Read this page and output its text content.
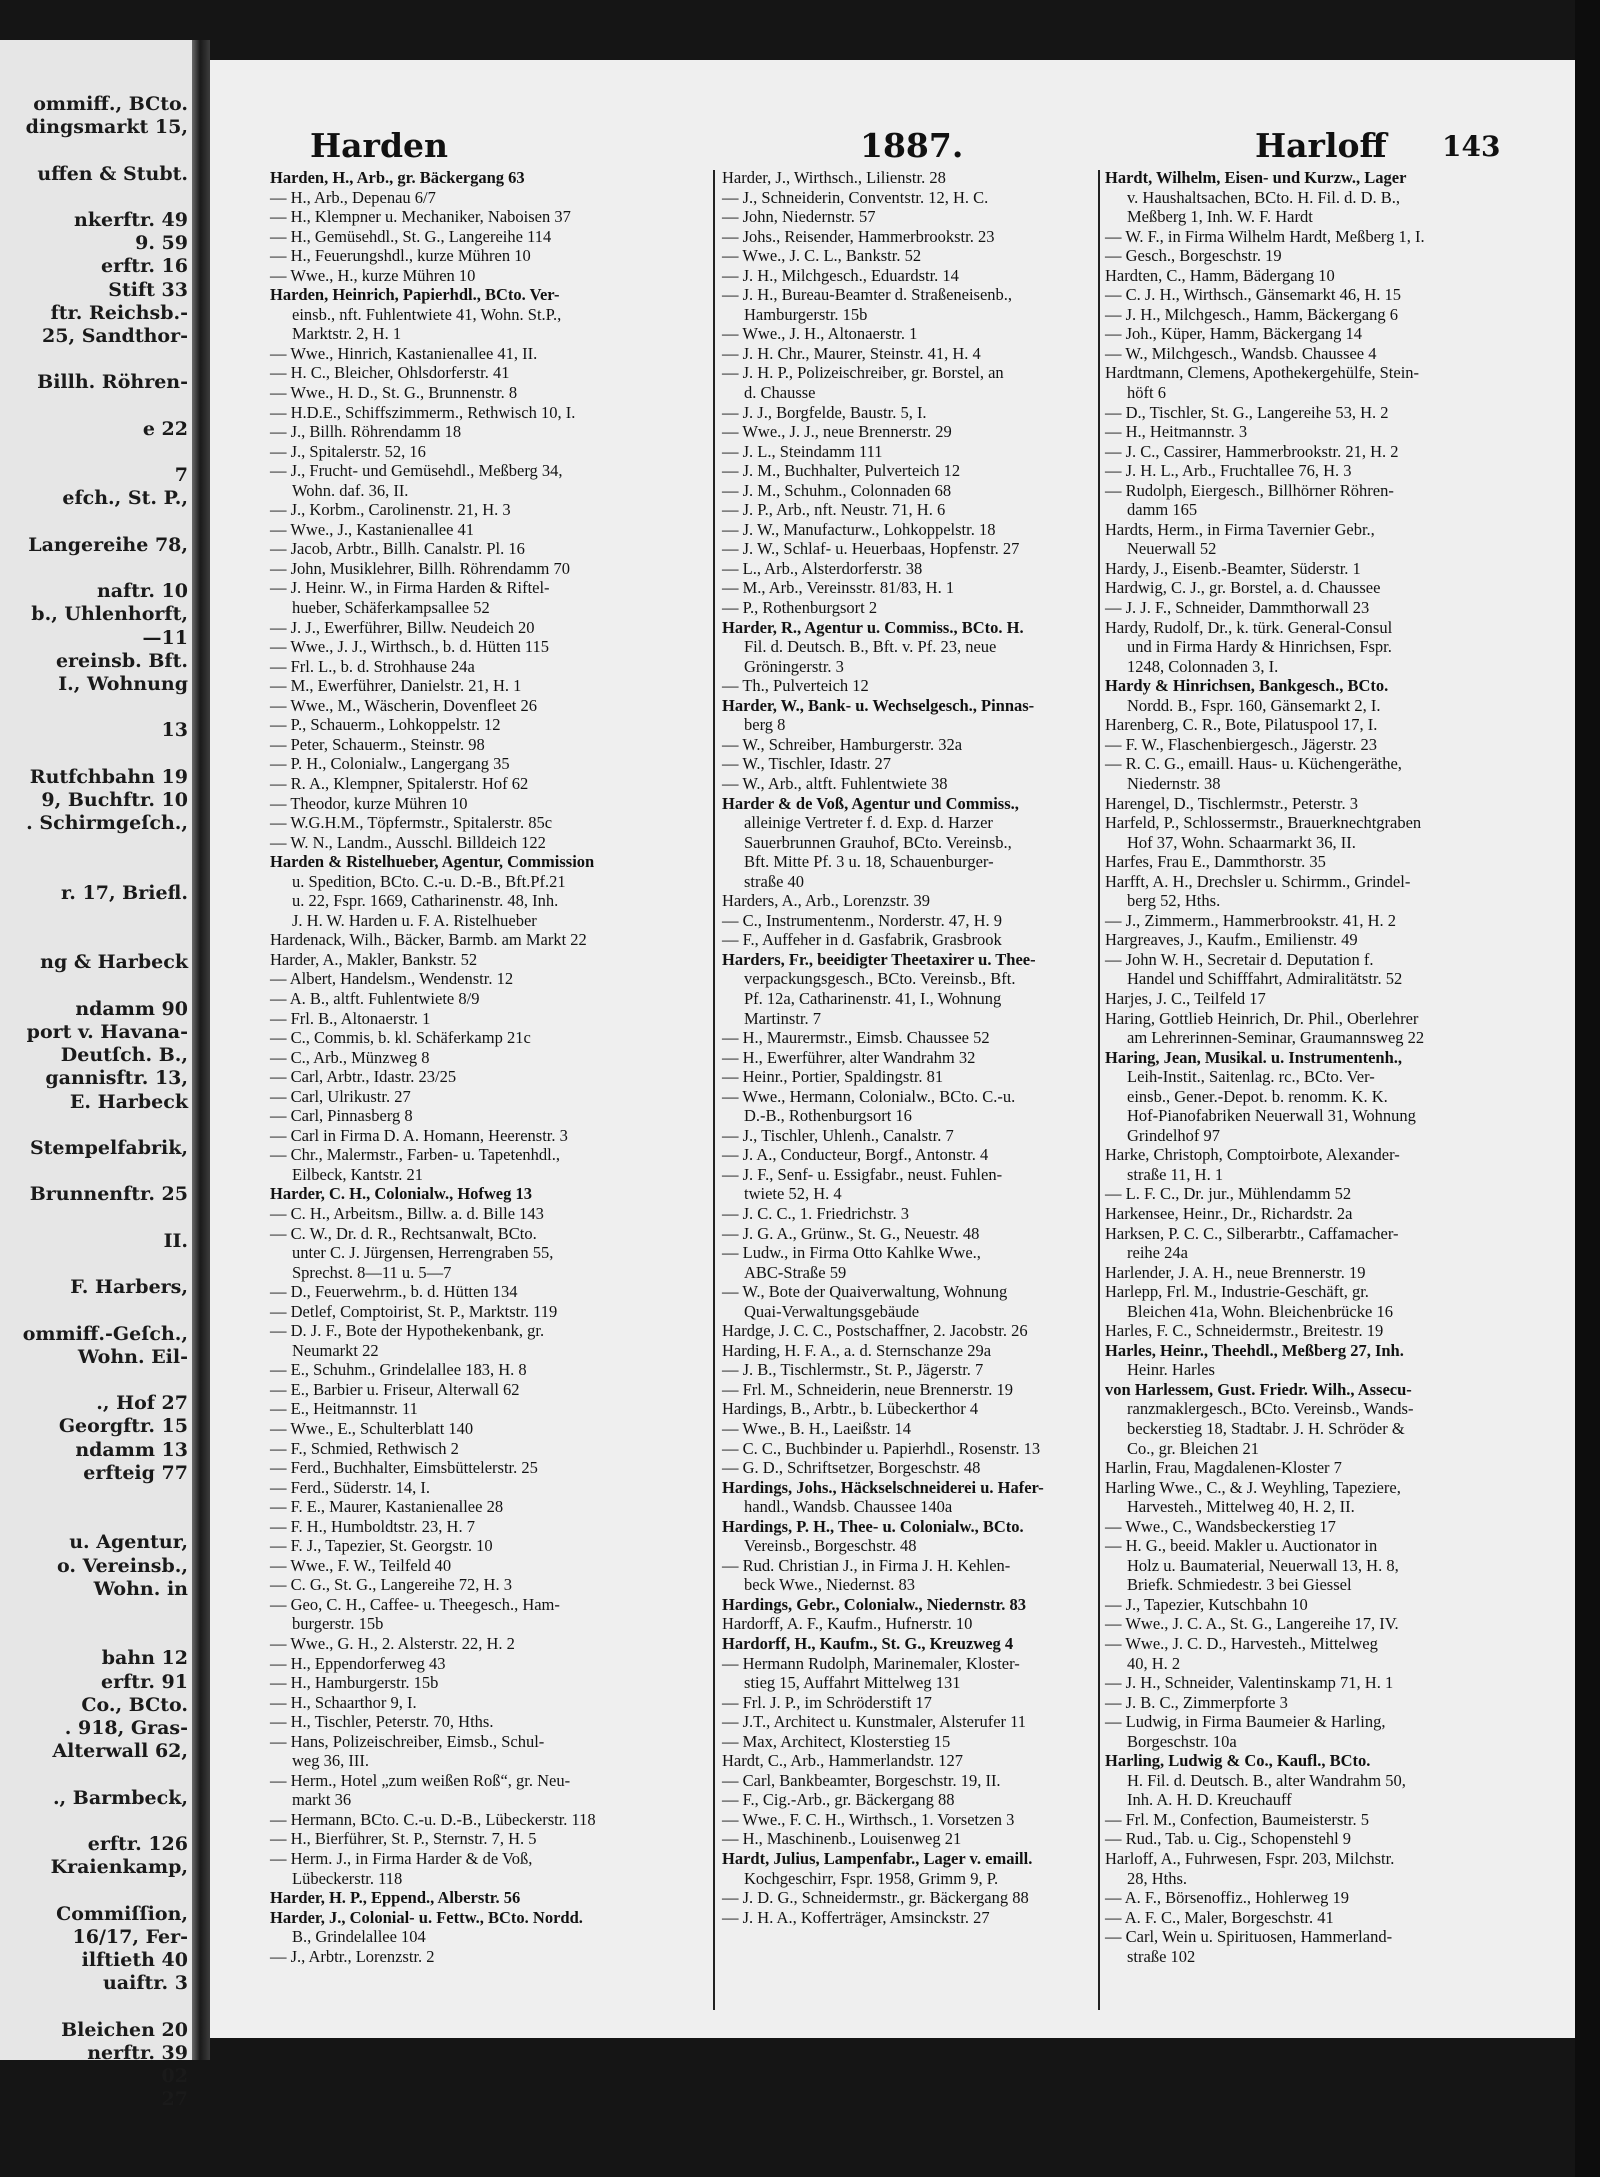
ommiff., BCto.
dingsmarkt 15,
uffen & Stubt.
nkerftr. 49
9. 59
erftr. 16
Stift 33
ftr. Reichsb.-
25, Sandthor-
Billh. Röhren-
e 22
7
efch., St. P.,
Langereihe 78,
naftr. 10
b., Uhlenhorft,
—11
ereinsb. Bft.
I., Wohnung
13
Rutfchbahn 19
9, Buchftr. 10
. Schirmgeſch.,
r. 17, Briefl.
ng & Harbeck
ndamm 90
port v. Havana-
Deutſch. B.,
gannisftr. 13,
E. Harbeck
Stempelfabrik,
Brunnenftr. 25
II.
F. Harbers,
ommiff.-Geſch.,
Wohn. Eil-
., Hof 27
Georgftr. 15
ndamm 13
erfteig 77
u. Agentur,
o. Vereinsb.,
Wohn. in
bahn 12
erftr. 91
Co., BCto.
. 918, Gras-
Alterwall 62,
., Barmbeck,
erftr. 126
Kraienkamp,
Commiſſion,
16/17, Fer-
ilftieth 40
uaiftr. 3
Bleichen 20
nerftr. 39
02
27
Harden	1887.	Harloff 143
Harden, H., Arb., gr. Bäckergang 63
— H., Arb., Depenau 6/7
— H., Klempner u. Mechaniker, Naboisen 37
— H., Gemüsehdl., St. G., Langereihe 114
— H., Feuerungshdl., kurze Mühren 10
— Wwe., H., kurze Mühren 10
Harden, Heinrich, Papierhdl., BCto. Ver-
einsb., nft. Fuhlentwiete 41, Wohn. St.P.,
Marktstr. 2, H. 1
— Wwe., Hinrich, Kastanienallee 41, II.
— H. C., Bleicher, Ohlsdorferstr. 41
— Wwe., H. D., St. G., Brunnenstr. 8
— H.D.E., Schiffszimmerm., Rethwisch 10, I.
— J., Billh. Röhrendamm 18
— J., Spitalerstr. 52, 16
— J., Frucht- und Gemüsehdl., Meßberg 34,
Wohn. daf. 36, II.
— J., Korbm., Carolinenstr. 21, H. 3
— Wwe., J., Kastanienallee 41
— Jacob, Arbtr., Billh. Canalstr. Pl. 16
— John, Musiklehrer, Billh. Röhrendamm 70
— J. Heinr. W., in Firma Harden & Riftel-
hueber, Schäferkampsallee 52
— J. J., Ewerführer, Billw. Neudeich 20
— Wwe., J. J., Wirthsch., b. d. Hütten 115
— Frl. L., b. d. Strohhause 24a
— M., Ewerführer, Danielstr. 21, H. 1
— Wwe., M., Wäscherin, Dovenfleet 26
— P., Schauerm., Lohkoppelstr. 12
— Peter, Schauerm., Steinstr. 98
— P. H., Colonialw., Langergang 35
— R. A., Klempner, Spitalerstr. Hof 62
— Theodor, kurze Mühren 10
— W.G.H.M., Töpfermstr., Spitalerstr. 85c
— W. N., Landm., Ausschl. Billdeich 122
Harden & Ristelhueber, Agentur, Commission
u. Spedition, BCto. C.-u. D.-B., Bft.Pf.21
u. 22, Fspr. 1669, Catharinenstr. 48, Inh.
J. H. W. Harden u. F. A. Ristelhueber
Hardenack, Wilh., Bäcker, Barmb. am Markt 22
Harder, A., Makler, Bankstr. 52
— Albert, Handelsm., Wendenstr. 12
— A. B., altft. Fuhlentwiete 8/9
— Frl. B., Altonaerstr. 1
— C., Commis, b. kl. Schäferkamp 21c
— C., Arb., Münzweg 8
— Carl, Arbtr., Idastr. 23/25
— Carl, Ulrikustr. 27
— Carl, Pinnasberg 8
— Carl in Firma D. A. Homann, Heerenstr. 3
— Chr., Malermstr., Farben- u. Tapetenhdl.,
Eilbeck, Kantstr. 21
Harder, C. H., Colonialw., Hofweg 13
— C. H., Arbeitsm., Billw. a. d. Bille 143
— C. W., Dr. d. R., Rechtsanwalt, BCto.
unter C. J. Jürgensen, Herrengraben 55,
Sprechst. 8—11 u. 5—7
— D., Feuerwehrm., b. d. Hütten 134
— Detlef, Comptoirist, St. P., Marktstr. 119
— D. J. F., Bote der Hypothekenbank, gr.
Neumarkt 22
— E., Schuhm., Grindelallee 183, H. 8
— E., Barbier u. Friseur, Alterwall 62
— E., Heitmannstr. 11
— Wwe., E., Schulterblatt 140
— F., Schmied, Rethwisch 2
— Ferd., Buchhalter, Eimsbüttelerstr. 25
— Ferd., Süderstr. 14, I.
— F. E., Maurer, Kastanienallee 28
— F. H., Humboldtstr. 23, H. 7
— F. J., Tapezier, St. Georgstr. 10
— Wwe., F. W., Teilfeld 40
— C. G., St. G., Langereihe 72, H. 3
— Geo, C. H., Caffee- u. Theegesch., Ham-
burgerstr. 15b
— Wwe., G. H., 2. Alsterstr. 22, H. 2
— H., Eppendorferweg 43
— H., Hamburgerstr. 15b
— H., Schaarthor 9, I.
— H., Tischler, Peterstr. 70, Hths.
— Hans, Polizeischreiber, Eimsb., Schul-
weg 36, III.
— Herm., Hotel „zum weißen Roß“, gr. Neu-
markt 36
— Hermann, BCto. C.-u. D.-B., Lübeckerstr. 118
— H., Bierführer, St. P., Sternstr. 7, H. 5
— Herm. J., in Firma Harder & de Voß,
Lübeckerstr. 118
Harder, H. P., Eppend., Alberstr. 56
Harder, J., Colonial- u. Fettw., BCto. Nordd.
B., Grindelallee 104
— J., Arbtr., Lorenzstr. 2
Harder, J., Wirthsch., Lilienstr. 28
— J., Schneiderin, Conventstr. 12, H. C.
— John, Niedernstr. 57
— Johs., Reisender, Hammerbrookstr. 23
— Wwe., J. C. L., Bankstr. 52
— J. H., Milchgesch., Eduardstr. 14
— J. H., Bureau-Beamter d. Straßeneisenb.,
Hamburgerstr. 15b
— Wwe., J. H., Altonaerstr. 1
— J. H. Chr., Maurer, Steinstr. 41, H. 4
— J. H. P., Polizeischreiber, gr. Borstel, an
d. Chausse
— J. J., Borgfelde, Baustr. 5, I.
— Wwe., J. J., neue Brennerstr. 29
— J. L., Steindamm 111
— J. M., Buchhalter, Pulverteich 12
— J. M., Schuhm., Colonnaden 68
— J. P., Arb., nft. Neustr. 71, H. 6
— J. W., Manufacturw., Lohkoppelstr. 18
— J. W., Schlaf- u. Heuerbaas, Hopfenstr. 27
— L., Arb., Alsterdorferstr. 38
— M., Arb., Vereinsstr. 81/83, H. 1
— P., Rothenburgsort 2
Harder, R., Agentur u. Commiss., BCto. H.
Fil. d. Deutsch. B., Bft. v. Pf. 23, neue
Gröningerstr. 3
— Th., Pulverteich 12
Harder, W., Bank- u. Wechselgesch., Pinnas-
berg 8
— W., Schreiber, Hamburgerstr. 32a
— W., Tischler, Idastr. 27
— W., Arb., altft. Fuhlentwiete 38
Harder & de Voß, Agentur und Commiss.,
alleinige Vertreter f. d. Exp. d. Harzer
Sauerbrunnen Grauhof, BCto. Vereinsb.,
Bft. Mitte Pf. 3 u. 18, Schauenburger-
straße 40
Harders, A., Arb., Lorenzstr. 39
— C., Instrumentenm., Norderstr. 47, H. 9
— F., Auffeher in d. Gasfabrik, Grasbrook
Harders, Fr., beeidigter Theetaxirer u. Thee-
verpackungsgesch., BCto. Vereinsb., Bft.
Pf. 12a, Catharinenstr. 41, I., Wohnung
Martinstr. 7
— H., Maurermstr., Eimsb. Chaussee 52
— H., Ewerführer, alter Wandrahm 32
— Heinr., Portier, Spaldingstr. 81
— Wwe., Hermann, Colonialw., BCto. C.-u.
D.-B., Rothenburgsort 16
— J., Tischler, Uhlenh., Canalstr. 7
— J. A., Conducteur, Borgf., Antonstr. 4
— J. F., Senf- u. Essigfabr., neust. Fuhlen-
twiete 52, H. 4
— J. C. C., 1. Friedrichstr. 3
— J. G. A., Grünw., St. G., Neuestr. 48
— Ludw., in Firma Otto Kahlke Wwe.,
ABC-Straße 59
— W., Bote der Quaiverwaltung, Wohnung
Quai-Verwaltungsgebäude
Hardge, J. C. C., Postschaffner, 2. Jacobstr. 26
Harding, H. F. A., a. d. Sternschanze 29a
— J. B., Tischlermstr., St. P., Jägerstr. 7
— Frl. M., Schneiderin, neue Brennerstr. 19
Hardings, B., Arbtr., b. Lübeckerthor 4
— Wwe., B. H., Laeißstr. 14
— C. C., Buchbinder u. Papierhdl., Rosenstr. 13
— G. D., Schriftsetzer, Borgeschstr. 48
Hardings, Johs., Häckselschneiderei u. Hafer-
handl., Wandsb. Chaussee 140a
Hardings, P. H., Thee- u. Colonialw., BCto.
Vereinsb., Borgeschstr. 48
— Rud. Christian J., in Firma J. H. Kehlen-
beck Wwe., Niedernst. 83
Hardings, Gebr., Colonialw., Niedernstr. 83
Hardorff, A. F., Kaufm., Hufnerstr. 10
Hardorff, H., Kaufm., St. G., Kreuzweg 4
— Hermann Rudolph, Marinemaler, Kloster-
stieg 15, Auffahrt Mittelweg 131
— Frl. J. P., im Schröderstift 17
— J.T., Architect u. Kunstmaler, Alsterufer 11
— Max, Architect, Klosterstieg 15
Hardt, C., Arb., Hammerlandstr. 127
— Carl, Bankbeamter, Borgeschstr. 19, II.
— F., Cig.-Arb., gr. Bäckergang 88
— Wwe., F. C. H., Wirthsch., 1. Vorsetzen 3
— H., Maschinenb., Louisenweg 21
Hardt, Julius, Lampenfabr., Lager v. emaill.
Kochgeschirr, Fspr. 1958, Grimm 9, P.
— J. D. G., Schneidermstr., gr. Bäckergang 88
— J. H. A., Kofferträger, Amsinckstr. 27
Hardt, Wilhelm, Eisen- und Kurzw., Lager
v. Haushaltsachen, BCto. H. Fil. d. D. B.,
Meßberg 1, Inh. W. F. Hardt
— W. F., in Firma Wilhelm Hardt, Meßberg 1, I.
— Gesch., Borgeschstr. 19
Hardten, C., Hamm, Bädergang 10
— C. J. H., Wirthsch., Gänsemarkt 46, H. 15
— J. H., Milchgesch., Hamm, Bäckergang 6
— Joh., Küper, Hamm, Bäckergang 14
— W., Milchgesch., Wandsb. Chaussee 4
Hardtmann, Clemens, Apothekergehülfe, Stein-
höft 6
— D., Tischler, St. G., Langereihe 53, H. 2
— H., Heitmannstr. 3
— J. C., Cassirer, Hammerbrookstr. 21, H. 2
— J. H. L., Arb., Fruchtallee 76, H. 3
— Rudolph, Eiergesch., Billhörner Röhren-
damm 165
Hardts, Herm., in Firma Tavernier Gebr.,
Neuerwall 52
Hardy, J., Eisenb.-Beamter, Süderstr. 1
Hardwig, C. J., gr. Borstel, a. d. Chaussee
— J. J. F., Schneider, Dammthorwall 23
Hardy, Rudolf, Dr., k. türk. General-Consul
und in Firma Hardy & Hinrichsen, Fspr.
1248, Colonnaden 3, I.
Hardy & Hinrichsen, Bankgesch., BCto.
Nordd. B., Fspr. 160, Gänsemarkt 2, I.
Harenberg, C. R., Bote, Pilatuspool 17, I.
— F. W., Flaschenbiergesch., Jägerstr. 23
— R. C. G., emaill. Haus- u. Küchengeräthe,
Niedernstr. 38
Harengel, D., Tischlermstr., Peterstr. 3
Harfeld, P., Schlossermstr., Brauerknechtgraben
Hof 37, Wohn. Schaarmarkt 36, II.
Harfes, Frau E., Dammthorstr. 35
Harfft, A. H., Drechsler u. Schirmm., Grindel-
berg 52, Hths.
— J., Zimmerm., Hammerbrookstr. 41, H. 2
Hargreaves, J., Kaufm., Emilienstr. 49
— John W. H., Secretair d. Deputation f.
Handel und Schifffahrt, Admiralitätstr. 52
Harjes, J. C., Teilfeld 17
Haring, Gottlieb Heinrich, Dr. Phil., Oberlehrer
am Lehrerinnen-Seminar, Graumannsweg 22
Haring, Jean, Musikal. u. Instrumentenh.,
Leih-Instit., Saitenlag. rc., BCto. Ver-
einsb., Gener.-Depot. b. renomm. K. K.
Hof-Pianofabriken Neuerwall 31, Wohnung
Grindelhof 97
Harke, Christoph, Comptoirbote, Alexander-
straße 11, H. 1
— L. F. C., Dr. jur., Mühlendamm 52
Harkensee, Heinr., Dr., Richardstr. 2a
Harksen, P. C. C., Silberarbtr., Caffamacher-
reihe 24a
Harlender, J. A. H., neue Brennerstr. 19
Harlepp, Frl. M., Industrie-Geschäft, gr.
Bleichen 41a, Wohn. Bleichenbrücke 16
Harles, F. C., Schneidermstr., Breitestr. 19
Harles, Heinr., Theehdl., Meßberg 27, Inh.
Heinr. Harles
von Harlessem, Gust. Friedr. Wilh., Assecu-
ranzmaklergesch., BCto. Vereinsb., Wands-
beckerstieg 18, Stadtabr. J. H. Schröder &
Co., gr. Bleichen 21
Harlin, Frau, Magdalenen-Kloster 7
Harling Wwe., C., & J. Weyhling, Tapeziere,
Harvesteh., Mittelweg 40, H. 2, II.
— Wwe., C., Wandsbeckerstieg 17
— H. G., beeid. Makler u. Auctionator in
Holz u. Baumaterial, Neuerwall 13, H. 8,
Briefk. Schmiedestr. 3 bei Giessel
— J., Tapezier, Kutschbahn 10
— Wwe., J. C. A., St. G., Langereihe 17, IV.
— Wwe., J. C. D., Harvesteh., Mittelweg
40, H. 2
— J. H., Schneider, Valentinskamp 71, H. 1
— J. B. C., Zimmerpforte 3
— Ludwig, in Firma Baumeier & Harling,
Borgeschstr. 10a
Harling, Ludwig & Co., Kaufl., BCto.
H. Fil. d. Deutsch. B., alter Wandrahm 50,
Inh. A. H. D. Kreuchauff
— Frl. M., Confection, Baumeisterstr. 5
— Rud., Tab. u. Cig., Schopenstehl 9
Harloff, A., Fuhrwesen, Fspr. 203, Milchstr.
28, Hths.
— A. F., Börsenoffiz., Hohlerweg 19
— A. F. C., Maler, Borgeschstr. 41
— Carl, Wein u. Spirituosen, Hammerland-
straße 102
